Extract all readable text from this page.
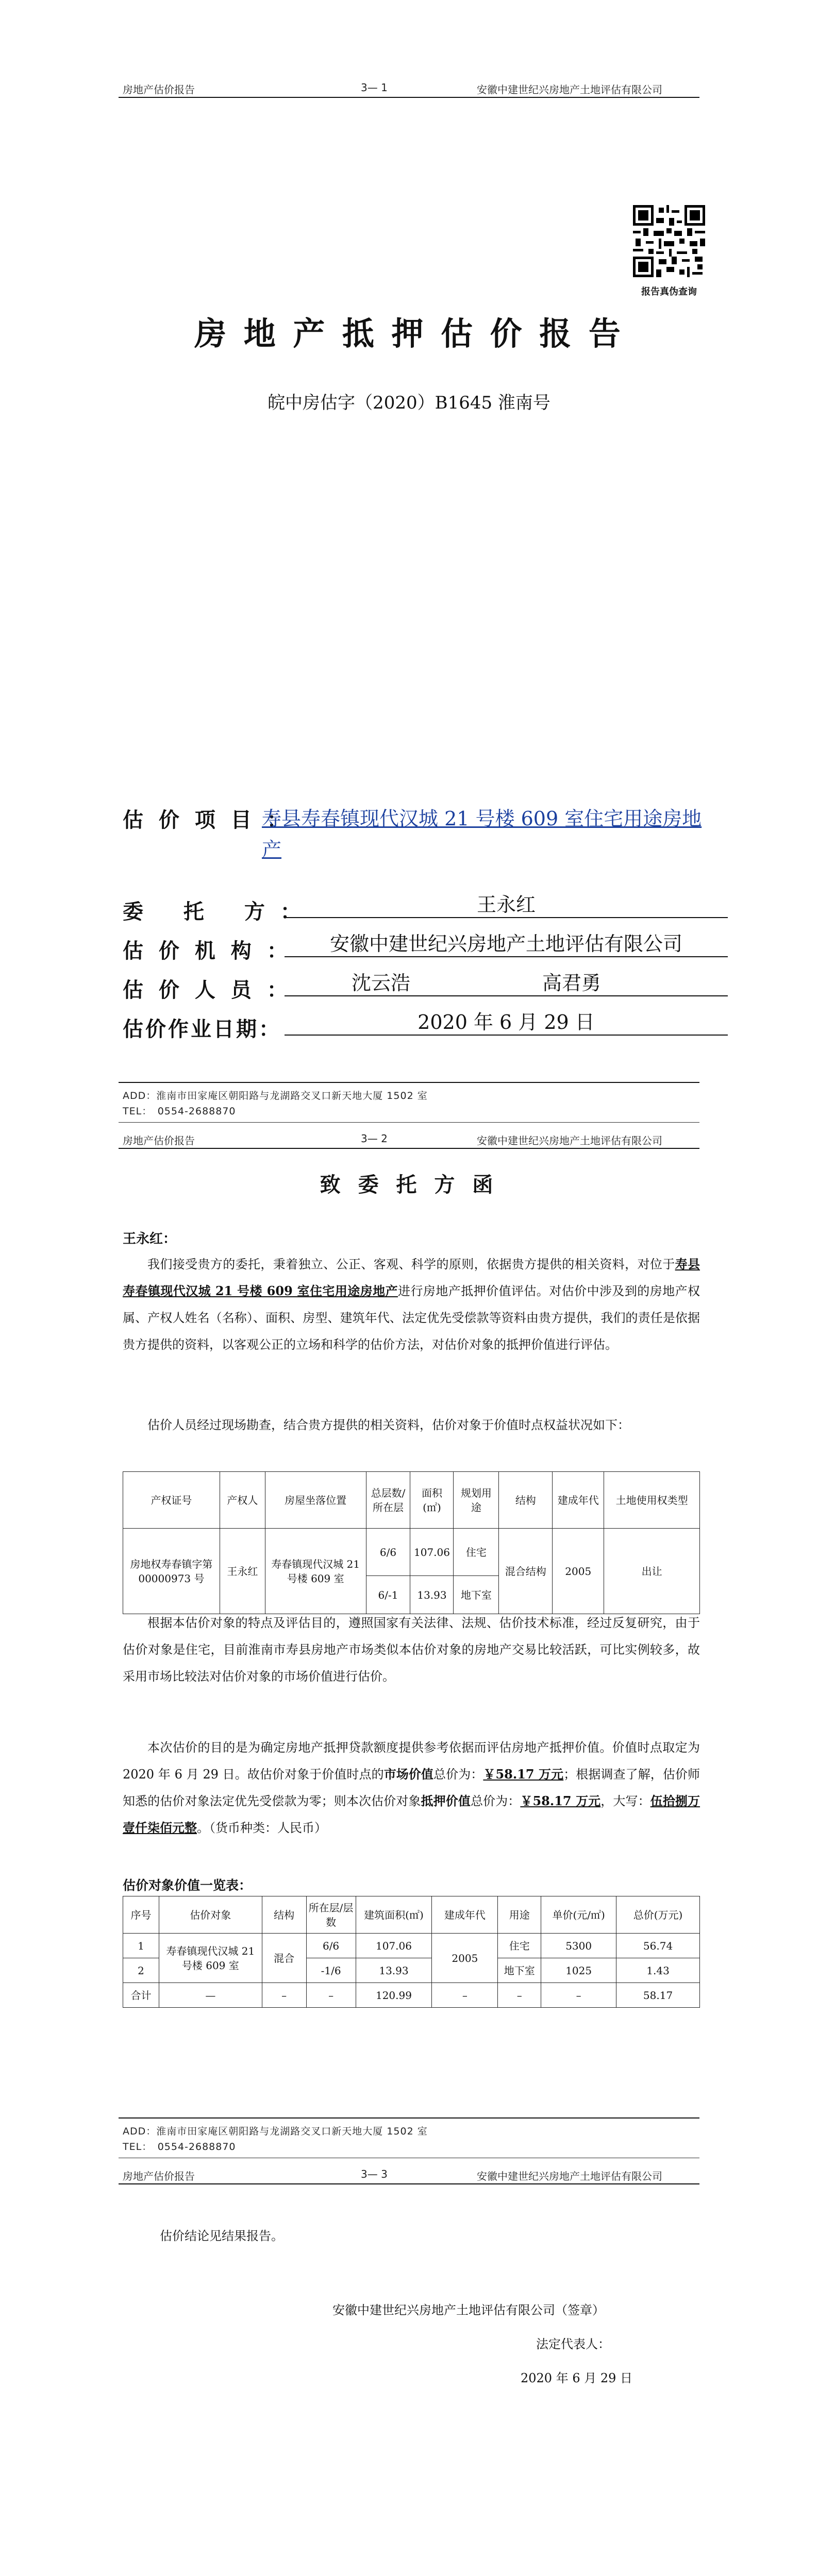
房地产估价报告	3— 1	安徽中建世纪兴房地产土地评估有限公司
报告真伪查询
房 地 产 抵 押 估 价 报 告
皖中房估字（2020）B1645 淮南号
估 价 项 目 ：
寿县寿春镇现代汉城 21 号楼 609 室住宅用途房地
产
委　 托　 方 ：	王永红
估 价 机 构 ：	安徽中建世纪兴房地产土地评估有限公司
估 价 人 员 ：	沈云浩	高君勇
估价作业日期：	2020 年 6 月 29 日
ADD：淮南市田家庵区朝阳路与龙湖路交叉口新天地大厦 1502 室
TEL：　0554-2688870
房地产估价报告	3— 2	安徽中建世纪兴房地产土地评估有限公司
致 委 托 方 函
王永红：
我们接受贵方的委托，秉着独立、公正、客观、科学的原则，依据贵方提供的相关资料，对位于寿县寿春镇现代汉城 21 号楼 609 室住宅用途房地产进行房地产抵押价值评估。对估价中涉及到的房地产权属、产权人姓名（名称）、面积、房型、建筑年代、法定优先受偿款等资料由贵方提供，我们的责任是依据贵方提供的资料，以客观公正的立场和科学的估价方法，对估价对象的抵押价值进行评估。
估价人员经过现场勘查，结合贵方提供的相关资料，估价对象于价值时点权益状况如下：
产权证号	产权人	房屋坐落位置	总层数/所在层	面积(㎡)	规划用途	结构	建成年代	土地使用权类型
房地权寿春镇字第00000973 号	王永红	寿春镇现代汉城 21 号楼 609 室	6/6	107.06	住宅	混合结构	2005	出让
			6/-1	13.93	地下室			
根据本估价对象的特点及评估目的，遵照国家有关法律、法规、估价技术标准，经过反复研究，由于估价对象是住宅，目前淮南市寿县房地产市场类似本估价对象的房地产交易比较活跃，可比实例较多，故采用市场比较法对估价对象的市场价值进行估价。
本次估价的目的是为确定房地产抵押贷款额度提供参考依据而评估房地产抵押价值。价值时点取定为 2020 年 6 月 29 日。故估价对象于价值时点的市场价值总价为：￥58.17 万元；根据调查了解，估价师知悉的估价对象法定优先受偿款为零；则本次估价对象抵押价值总价为：￥58.17 万元，大写：伍拾捌万壹仟柒佰元整。（货币种类：人民币）
估价对象价值一览表：
序号	估价对象	结构	所在层/层数	建筑面积(㎡)	建成年代	用途	单价(元/㎡)	总价(万元)
1	寿春镇现代汉城 21 号楼 609 室	混合	6/6	107.06	2005	住宅	5300	56.74
2			-1/6	13.93		地下室	1025	1.43
合计	—	–	–	120.99	–	–	–	58.17
ADD：淮南市田家庵区朝阳路与龙湖路交叉口新天地大厦 1502 室
TEL：　0554-2688870
房地产估价报告	3— 3	安徽中建世纪兴房地产土地评估有限公司
估价结论见结果报告。
安徽中建世纪兴房地产土地评估有限公司（签章）
法定代表人：
2020 年 6 月 29 日
